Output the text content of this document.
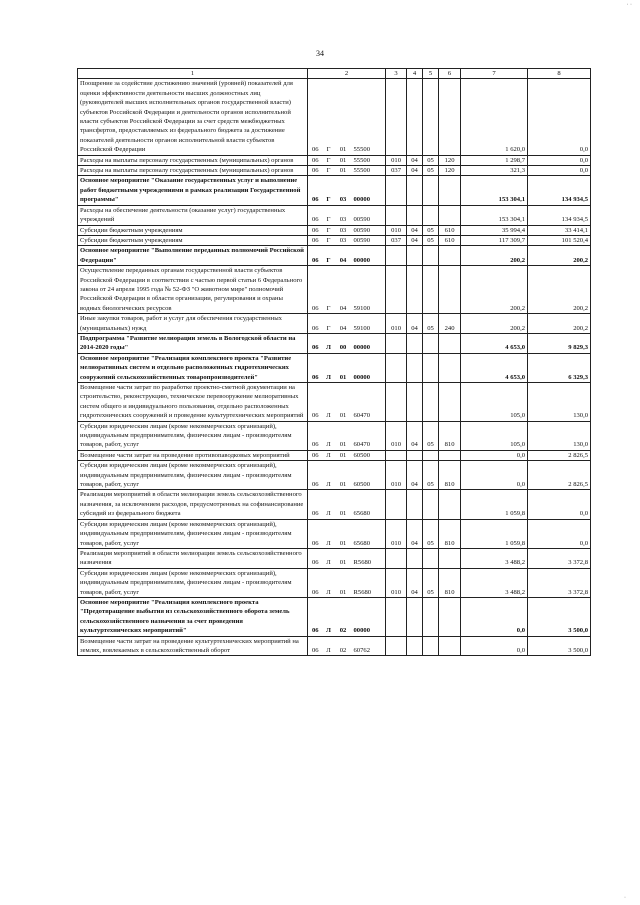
· ·
34
1	2				3	4	5	6	7	8
Поощрение за содействие достижению значений (уровней) показателей для оценки эффективности деятельности высших должностных лиц (руководителей высших исполнительных органов государственной власти) субъектов Российской Федерации и деятельности органов исполнительной власти субъектов Российской Федерации за счет средств межбюджетных трансфертов, предоставляемых из федерального бюджета за достижение показателей деятельности органов исполнительной власти субъектов Российской Федерации	06	Г	01	55500					1 620,0	0,0
Расходы на выплаты персоналу государственных (муниципальных) органов	06	Г	01	55500	010	04	05	120	1 298,7	0,0
Расходы на выплаты персоналу государственных (муниципальных) органов	06	Г	01	55500	037	04	05	120	321,3	0,0
Основное мероприятие "Оказание государственных услуг и выполнение работ бюджетными учреждениями в рамках реализации Государственной программы"	06	Г	03	00000					153 304,1	134 934,5
Расходы на обеспечение деятельности (оказание услуг) государственных учреждений	06	Г	03	00590					153 304,1	134 934,5
Субсидии бюджетным учреждениям	06	Г	03	00590	010	04	05	610	35 994,4	33 414,1
Субсидии бюджетным учреждениям	06	Г	03	00590	037	04	05	610	117 309,7	101 520,4
Основное мероприятие "Выполнение переданных полномочий Российской Федерации"	06	Г	04	00000					200,2	200,2
Осуществление переданных органам государственной власти субъектов Российской Федерации в соответствии с частью первой статьи 6 Федерального закона от 24 апреля 1995 года № 52-ФЗ "О животном мире" полномочий Российской Федерации в области организации, регулирования и охраны водных биологических ресурсов	06	Г	04	59100					200,2	200,2
Иные закупки товаров, работ и услуг для обеспечения государственных (муниципальных) нужд	06	Г	04	59100	010	04	05	240	200,2	200,2
Подпрограмма "Развитие мелиорации земель в Вологодской области на 2014-2020 годы"	06	Л	00	00000					4 653,0	9 829,3
Основное мероприятие "Реализация комплексного проекта "Развитие мелиоративных систем и отдельно расположенных гидротехнических сооружений сельскохозяйственных товаропроизводителей"	06	Л	01	00000					4 653,0	6 329,3
Возмещение части затрат по разработке проектно-сметной документации на строительство, реконструкцию, техническое перевооружение мелиоративных систем общего и индивидуального пользования, отдельно расположенных гидротехнических сооружений и проведение культуртехнических мероприятий	06	Л	01	60470					105,0	130,0
Субсидии юридическим лицам (кроме некоммерческих организаций), индивидуальным предпринимателям, физическим лицам - производителям товаров, работ, услуг	06	Л	01	60470	010	04	05	810	105,0	130,0
Возмещение части затрат на проведение противопаводковых мероприятий	06	Л	01	60500					0,0	2 826,5
Субсидии юридическим лицам (кроме некоммерческих организаций), индивидуальным предпринимателям, физическим лицам - производителям товаров, работ, услуг	06	Л	01	60500	010	04	05	810	0,0	2 826,5
Реализация мероприятий в области мелиорации земель сельскохозяйственного назначения, за исключением расходов, предусмотренных на софинансирование субсидий из федерального бюджета	06	Л	01	65680					1 059,8	0,0
Субсидии юридическим лицам (кроме некоммерческих организаций), индивидуальным предпринимателям, физическим лицам - производителям товаров, работ, услуг	06	Л	01	65680	010	04	05	810	1 059,8	0,0
Реализация мероприятий в области мелиорации земель сельскохозяйственного назначения	06	Л	01	R5680					3 488,2	3 372,8
Субсидии юридическим лицам (кроме некоммерческих организаций), индивидуальным предпринимателям, физическим лицам - производителям товаров, работ, услуг	06	Л	01	R5680	010	04	05	810	3 488,2	3 372,8
Основное мероприятие "Реализация комплексного проекта "Предотвращение выбытия из сельскохозяйственного оборота земель сельскохозяйственного назначения за счет проведения культуртехнических мероприятий"	06	Л	02	00000					0,0	3 500,0
Возмещение части затрат на проведение культуртехнических мероприятий на землях, вовлекаемых в сельскохозяйственный оборот	06	Л	02	60762					0,0	3 500,0
·
